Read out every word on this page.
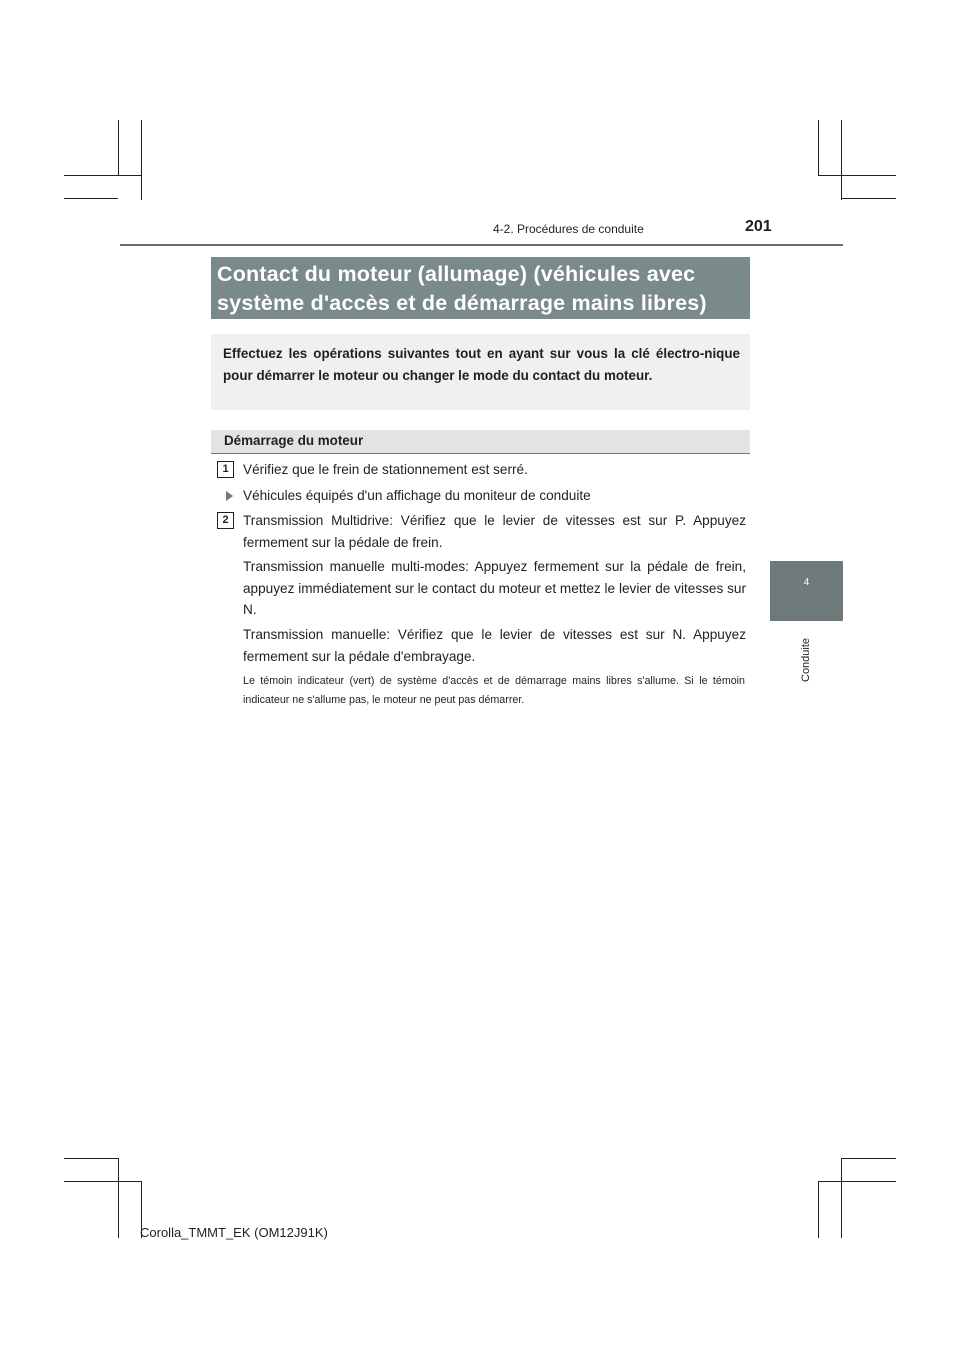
4-2. Procédures de conduite	201
4
Conduite
Contact du moteur (allumage) (véhicules avec système d'accès et de démarrage mains libres)
Effectuez les opérations suivantes tout en ayant sur vous la clé électro-nique pour démarrer le moteur ou changer le mode du contact du moteur.
Démarrage du moteur
1	Vérifiez que le frein de stationnement est serré.
Véhicules équipés d'un affichage du moniteur de conduite
2	Transmission Multidrive: Vérifiez que le levier de vitesses est sur P. Appuyez fermement sur la pédale de frein.
Transmission manuelle multi-modes: Appuyez fermement sur la pédale de frein, appuyez immédiatement sur le contact du moteur et mettez le levier de vitesses sur N.
Transmission manuelle: Vérifiez que le levier de vitesses est sur N. Appuyez fermement sur la pédale d'embrayage.
Le témoin indicateur (vert) de système d'accès et de démarrage mains libres s'allume. Si le témoin indicateur ne s'allume pas, le moteur ne peut pas démarrer.
Corolla_TMMT_EK (OM12J91K)
